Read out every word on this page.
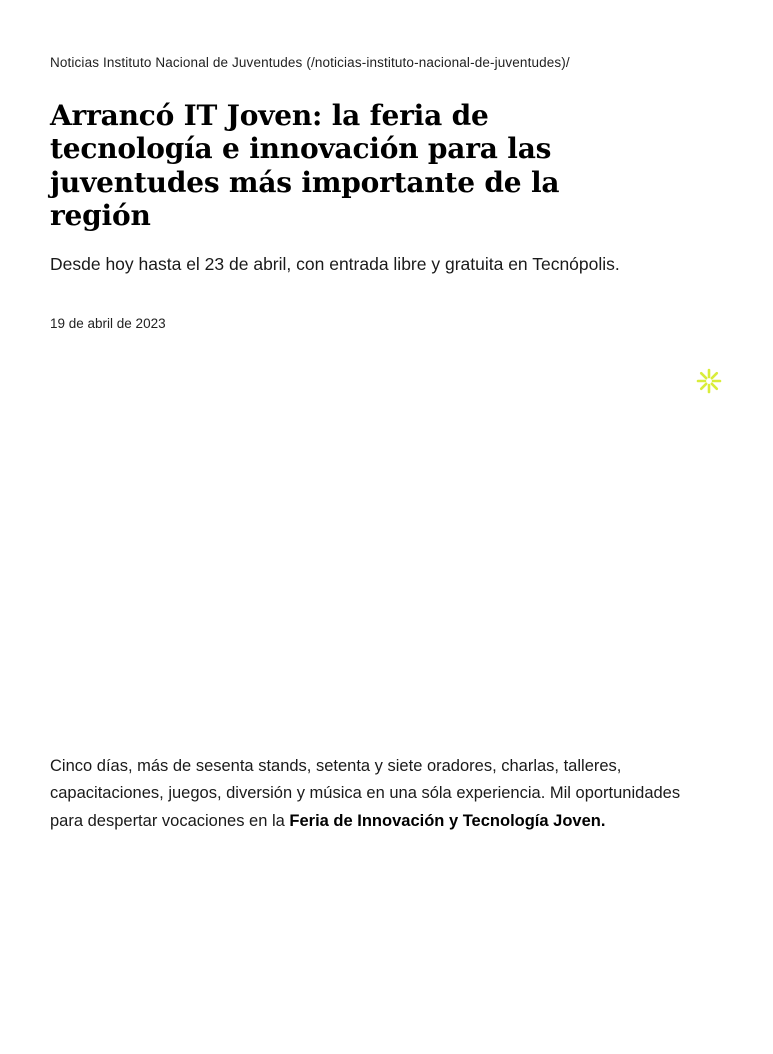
Noticias Instituto Nacional de Juventudes (/noticias-instituto-nacional-de-juventudes)/
Arrancó IT Joven: la feria de tecnología e innovación para las juventudes más importante de la región

Desde hoy hasta el 23 de abril, con entrada libre y gratuita en Tecnópolis.

19 de abril de 2023
Cinco días, más de sesenta stands, setenta y siete oradores, charlas, talleres, capacitaciones, juegos, diversión y música en una sóla experiencia. Mil oportunidades para despertar vocaciones en la Feria de Innovación y Tecnología Joven.
